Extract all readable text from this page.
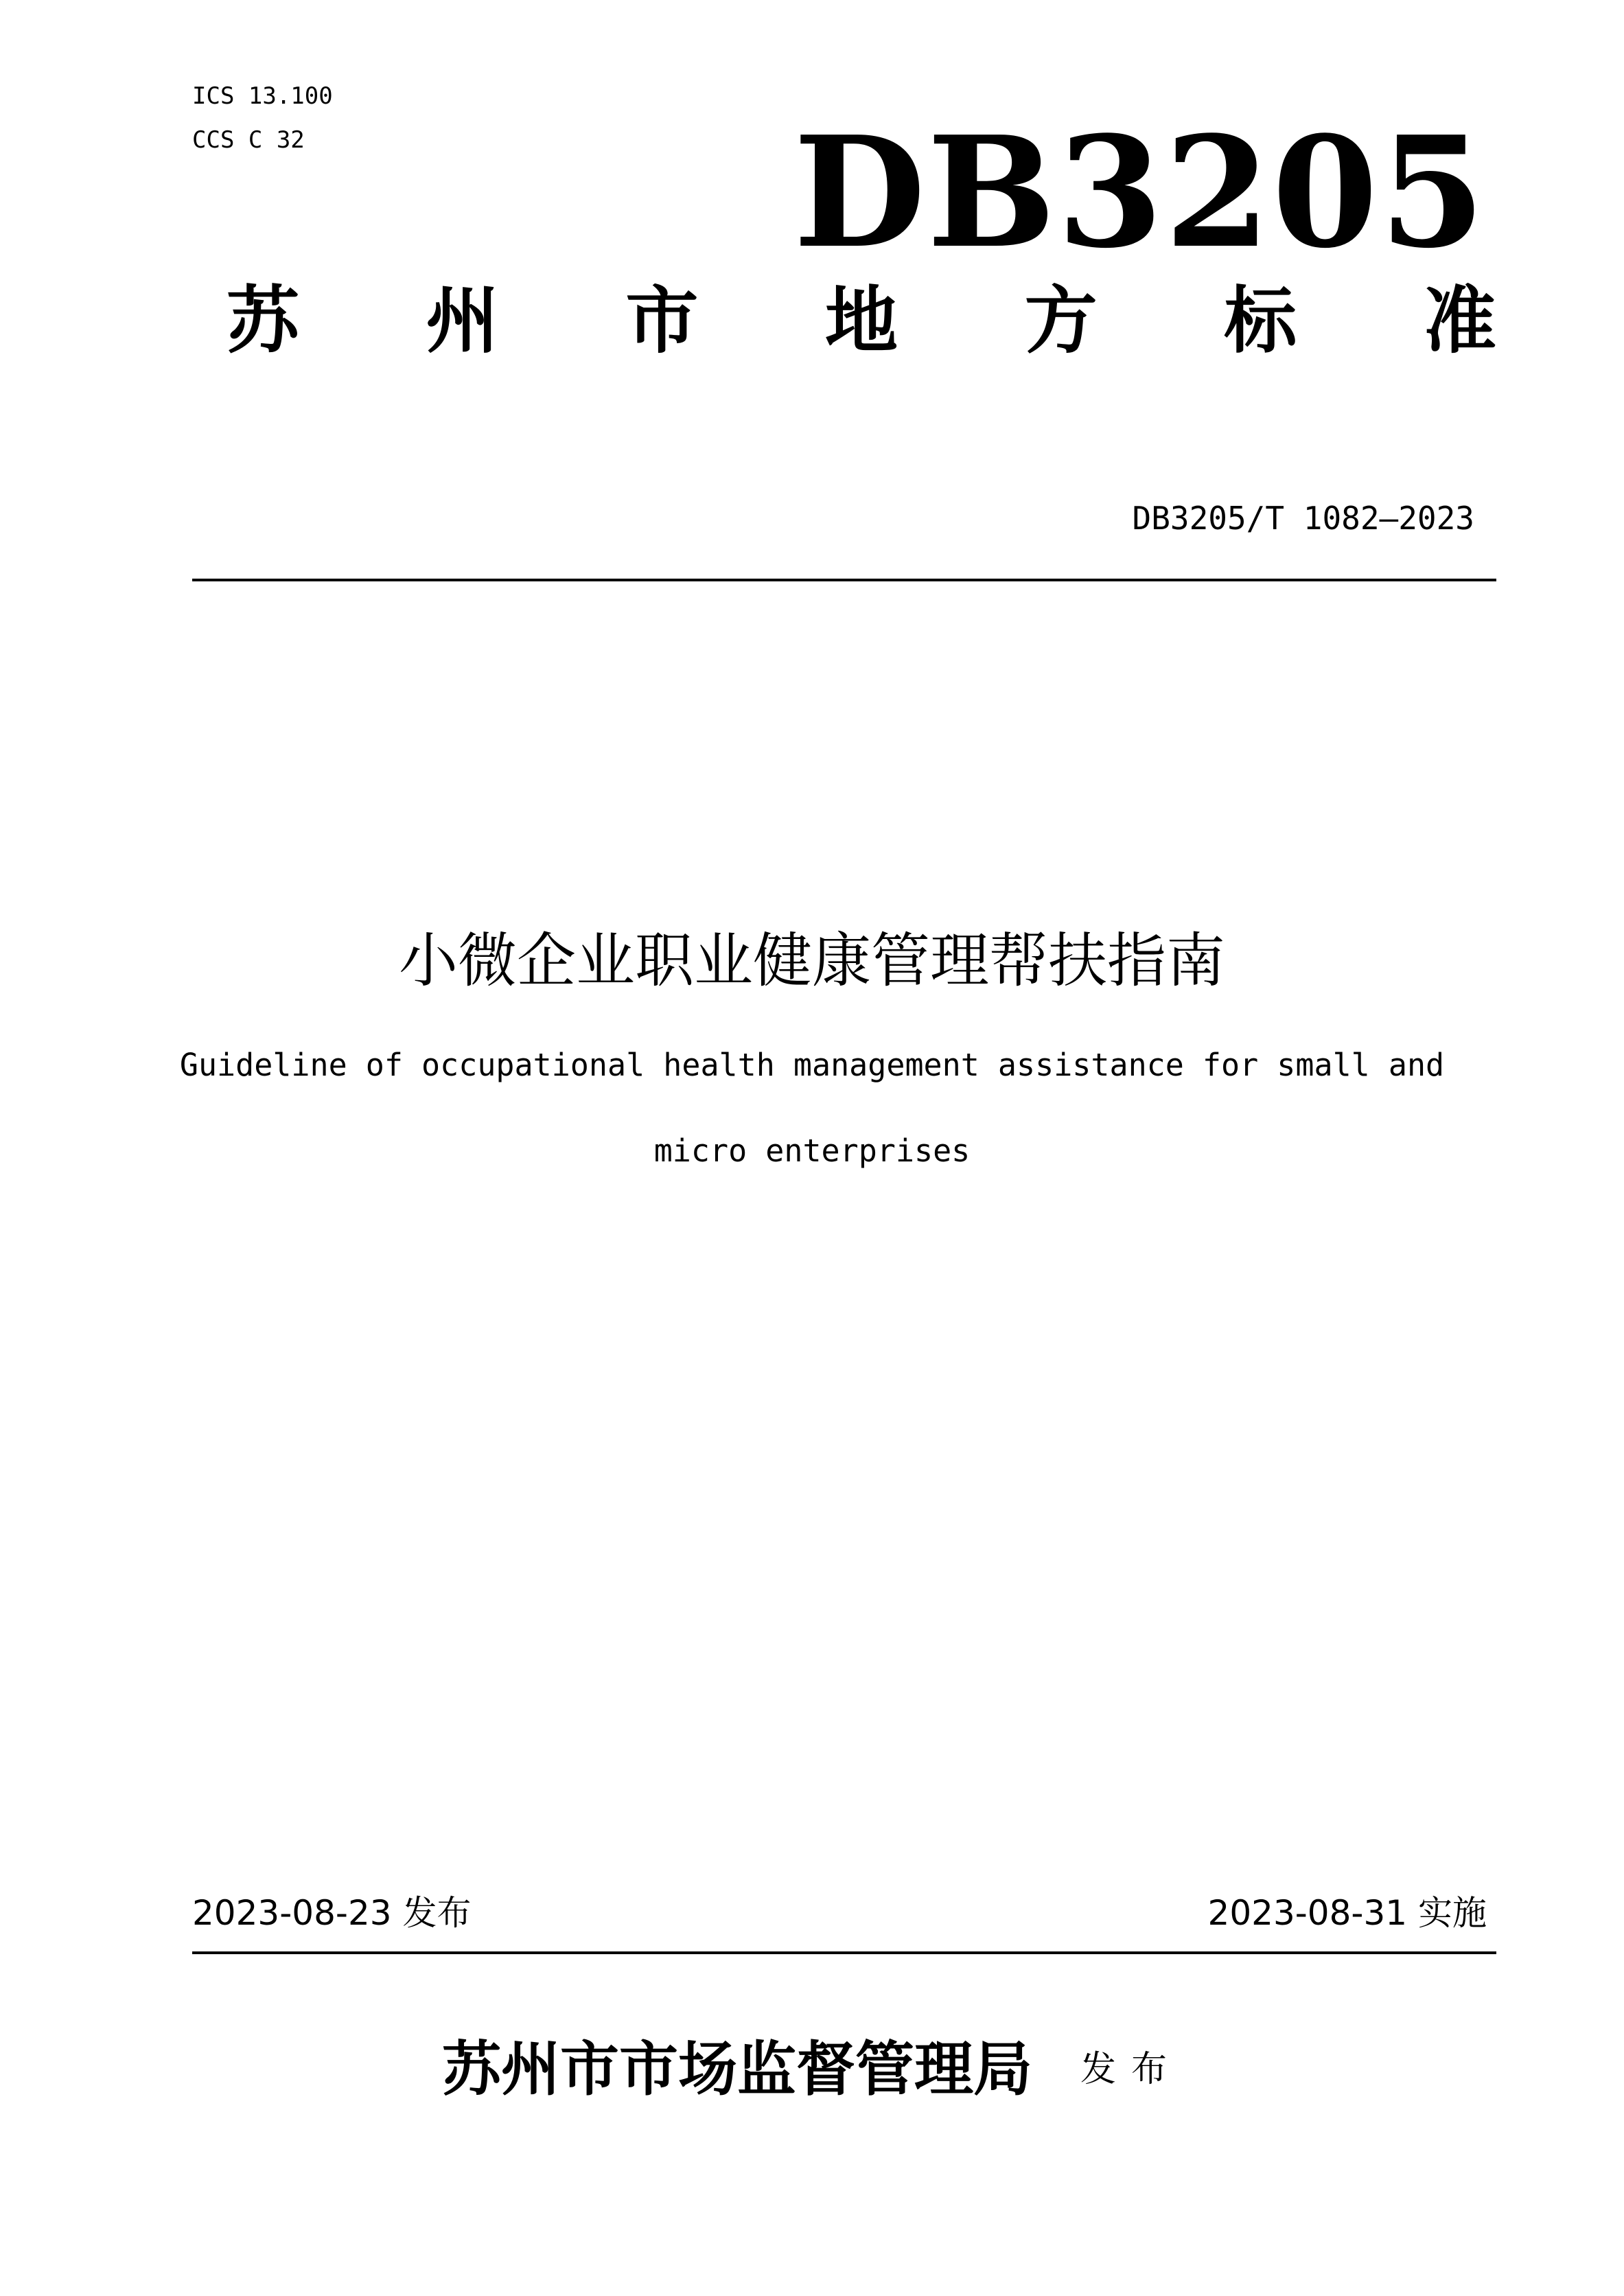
ICS 13.100
CCS C 32	DB3205
苏 州 市 地 方 标 准
DB3205/T 1082—2023
小微企业职业健康管理帮扶指南
Guideline of occupational health management assistance for small and
micro enterprises
2023-08-23 发布	2023-08-31 实施
苏州市市场监督管理局 发布
